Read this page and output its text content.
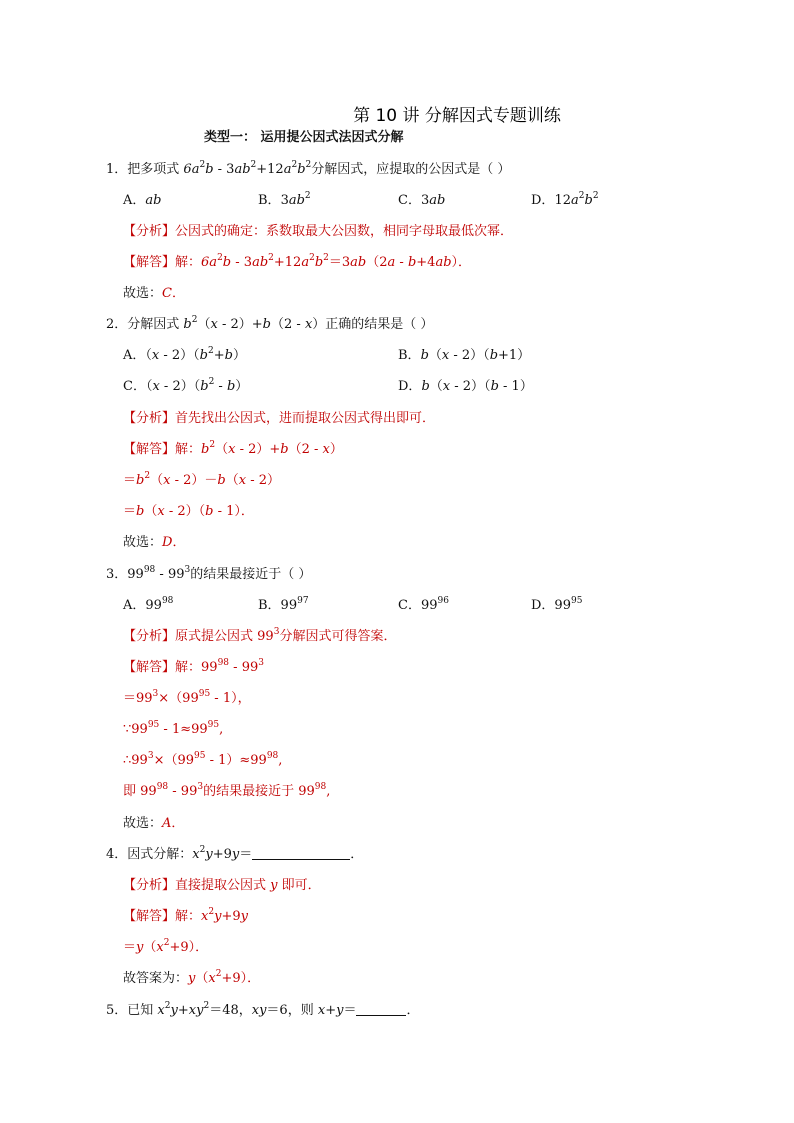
第 10 讲 分解因式专题训练
类型一： 运用提公因式法因式分解
1．把多项式 $6a^2b - 3ab^2+12a^2b^2$分解因式，应提取的公因式是（ ）
A．ab	B．$3ab^2$	C．3ab	D．$12a^2b^2$
【分析】公因式的确定：系数取最大公因数，相同字母取最低次幂．
【解答】解：$6a^2b - 3ab^2+12a^2b^2=3ab(2a - b+4ab)$．
故选：C．
2．分解因式 $b^2(x - 2)+b(2 - x)$正确的结果是（ ）
A．$(x - 2)(b^2+b)$	B．b（x - 2）（b+1）
C．$(x - 2)(b^2 - b)$	D．b（x - 2）（b - 1）
【分析】首先找出公因式，进而提取公因式得出即可．
【解答】解：$b^2(x - 2)+b(2 - x)$
$=b^2(x - 2)-b(x - 2)$
＝b（x - 2）（b - 1）．
故选：D．
3．$99^{98} - 99^3$的结果最接近于（ ）
A．$99^{98}$	B．$99^{97}$	C．$99^{96}$	D．$99^{95}$
【分析】原式提公因式 $99^3$分解因式可得答案．
【解答】解：$99^{98} - 99^3$
$=99^3\times(99^{95} - 1)$，
$\because 99^{95} - 1\approx 99^{95}$,
$\therefore 99^3\times(99^{95} - 1)\approx 99^{98}$,
即 $99^{98} - 99^3$的结果最接近于 $99^{98}$,
故选：A．
4．因式分解：$x^2y+9y=$	．
【分析】直接提取公因式 y 即可．
【解答】解：$x^2y+9y$
$=y(x^2+9)$．
故答案为：$y(x^2+9)$．
5．已知 $x^2y+xy^2=48$，xy＝6，则 x+y＝	．
